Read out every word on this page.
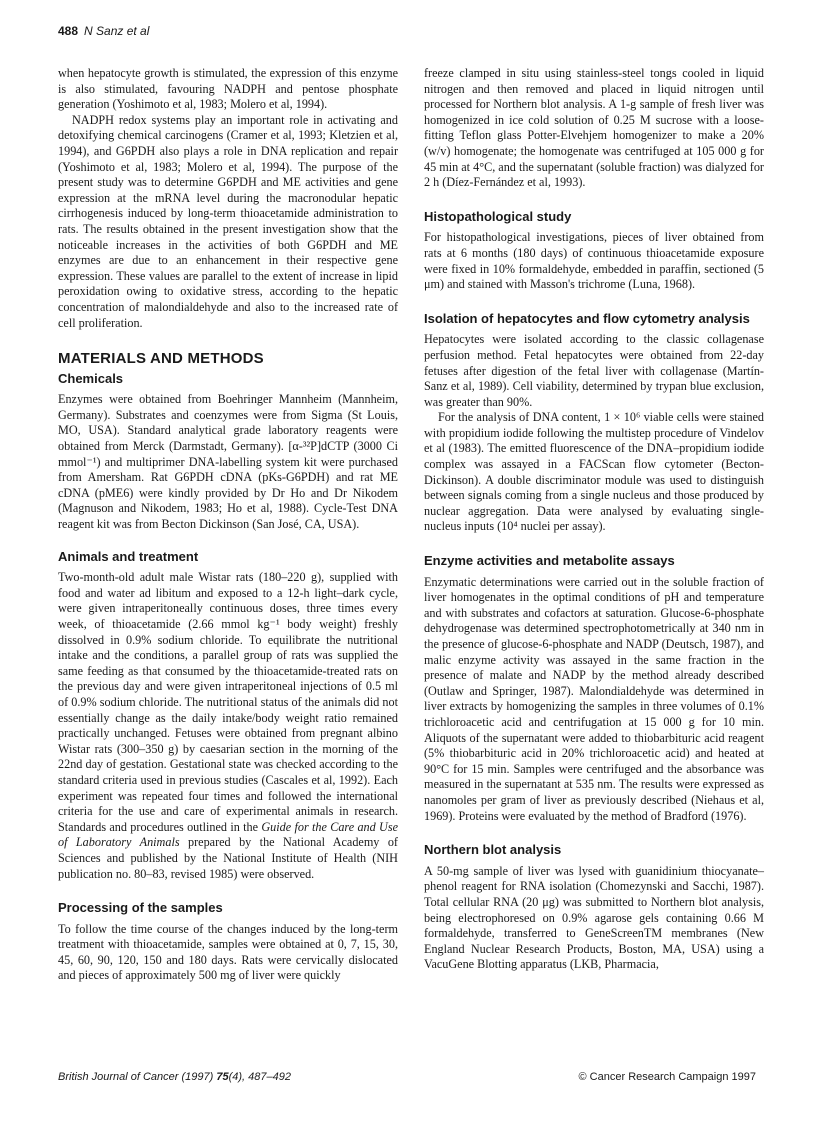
488 N Sanz et al

when hepatocyte growth is stimulated, the expression of this enzyme is also stimulated, favouring NADPH and pentose phosphate generation (Yoshimoto et al, 1983; Molero et al, 1994).

NADPH redox systems play an important role in activating and detoxifying chemical carcinogens (Cramer et al, 1993; Kletzien et al, 1994), and G6PDH also plays a role in DNA replication and repair (Yoshimoto et al, 1983; Molero et al, 1994). The purpose of the present study was to determine G6PDH and ME activities and gene expression at the mRNA level during the macronodular hepatic cirrhogenesis induced by long-term thioacetamide administration to rats. The results obtained in the present investigation show that the noticeable increases in the activities of both G6PDH and ME enzymes are due to an enhancement in their respective gene expression. These values are parallel to the extent of increase in lipid peroxidation owing to oxidative stress, according to the hepatic concentration of malondialdehyde and also to the increased rate of cell proliferation.

MATERIALS AND METHODS
Chemicals

Enzymes were obtained from Boehringer Mannheim (Mannheim, Germany). Substrates and coenzymes were from Sigma (St Louis, MO, USA). Standard analytical grade laboratory reagents were obtained from Merck (Darmstadt, Germany). [α-³²P]dCTP (3000 Ci mmol⁻¹) and multiprimer DNA-labelling system kit were purchased from Amersham. Rat G6PDH cDNA (pKs-G6PDH) and rat ME cDNA (pME6) were kindly provided by Dr Ho and Dr Nikodem (Magnuson and Nikodem, 1983; Ho et al, 1988). Cycle-Test DNA reagent kit was from Becton Dickinson (San José, CA, USA).

Animals and treatment

Two-month-old adult male Wistar rats (180–220 g), supplied with food and water ad libitum and exposed to a 12-h light–dark cycle, were given intraperitoneally continuous doses, three times every week, of thioacetamide (2.66 mmol kg⁻¹ body weight) freshly dissolved in 0.9% sodium chloride. To equilibrate the nutritional intake and the conditions, a parallel group of rats was supplied the same feeding as that consumed by the thioacetamide-treated rats on the previous day and were given intraperitoneal injections of 0.5 ml of 0.9% sodium chloride. The nutritional status of the animals did not essentially change as the daily intake/body weight ratio remained practically unchanged. Fetuses were obtained from pregnant albino Wistar rats (300–350 g) by caesarian section in the morning of the 22nd day of gestation. Gestational state was checked according to the standard criteria used in previous studies (Cascales et al, 1992). Each experiment was repeated four times and followed the international criteria for the use and care of experimental animals in research. Standards and procedures outlined in the Guide for the Care and Use of Laboratory Animals prepared by the National Academy of Sciences and published by the National Institute of Health (NIH publication no. 80–83, revised 1985) were observed.

Processing of the samples

To follow the time course of the changes induced by the long-term treatment with thioacetamide, samples were obtained at 0, 7, 15, 30, 45, 60, 90, 120, 150 and 180 days. Rats were cervically dislocated and pieces of approximately 500 mg of liver were quickly

freeze clamped in situ using stainless-steel tongs cooled in liquid nitrogen and then removed and placed in liquid nitrogen until processed for Northern blot analysis. A 1-g sample of fresh liver was homogenized in ice cold solution of 0.25 M sucrose with a loose-fitting Teflon glass Potter-Elvehjem homogenizer to make a 20% (w/v) homogenate; the homogenate was centrifuged at 105 000 g for 45 min at 4°C, and the supernatant (soluble fraction) was dialyzed for 2 h (Díez-Fernández et al, 1993).

Histopathological study

For histopathological investigations, pieces of liver obtained from rats at 6 months (180 days) of continuous thioacetamide exposure were fixed in 10% formaldehyde, embedded in paraffin, sectioned (5 μm) and stained with Masson's trichrome (Luna, 1968).

Isolation of hepatocytes and flow cytometry analysis

Hepatocytes were isolated according to the classic collagenase perfusion method. Fetal hepatocytes were obtained from 22-day fetuses after digestion of the fetal liver with collagenase (Martín-Sanz et al, 1989). Cell viability, determined by trypan blue exclusion, was greater than 90%.

For the analysis of DNA content, 1 × 10⁶ viable cells were stained with propidium iodide following the multistep procedure of Vindelov et al (1983). The emitted fluorescence of the DNA–propidium iodide complex was assayed in a FACScan flow cytometer (Becton-Dickinson). A double discriminator module was used to distinguish between signals coming from a single nucleus and those produced by nuclear aggregation. Data were analysed by evaluating single-nucleus inputs (10⁴ nuclei per assay).

Enzyme activities and metabolite assays

Enzymatic determinations were carried out in the soluble fraction of liver homogenates in the optimal conditions of pH and temperature and with substrates and cofactors at saturation. Glucose-6-phosphate dehydrogenase was determined spectrophotometrically at 340 nm in the presence of glucose-6-phosphate and NADP (Deutsch, 1987), and malic enzyme activity was assayed in the same fraction in the presence of malate and NADP by the method already described (Outlaw and Springer, 1987). Malondialdehyde was determined in liver extracts by homogenizing the samples in three volumes of 0.1% trichloroacetic acid and centrifugation at 15 000 g for 10 min. Aliquots of the supernatant were added to thiobarbituric acid reagent (5% thiobarbituric acid in 20% trichloroacetic acid) and heated at 90°C for 15 min. Samples were centrifuged and the absorbance was measured in the supernatant at 535 nm. The results were expressed as nanomoles per gram of liver as previously described (Niehaus et al, 1969). Proteins were evaluated by the method of Bradford (1976).

Northern blot analysis

A 50-mg sample of liver was lysed with guanidinium thiocyanate–phenol reagent for RNA isolation (Chomezynski and Sacchi, 1987). Total cellular RNA (20 μg) was submitted to Northern blot analysis, being electrophoresed on 0.9% agarose gels containing 0.66 M formaldehyde, transferred to GeneScreenTM membranes (New England Nuclear Research Products, Boston, MA, USA) using a VacuGene Blotting apparatus (LKB, Pharmacia,

British Journal of Cancer (1997) 75(4), 487–492	© Cancer Research Campaign 1997
